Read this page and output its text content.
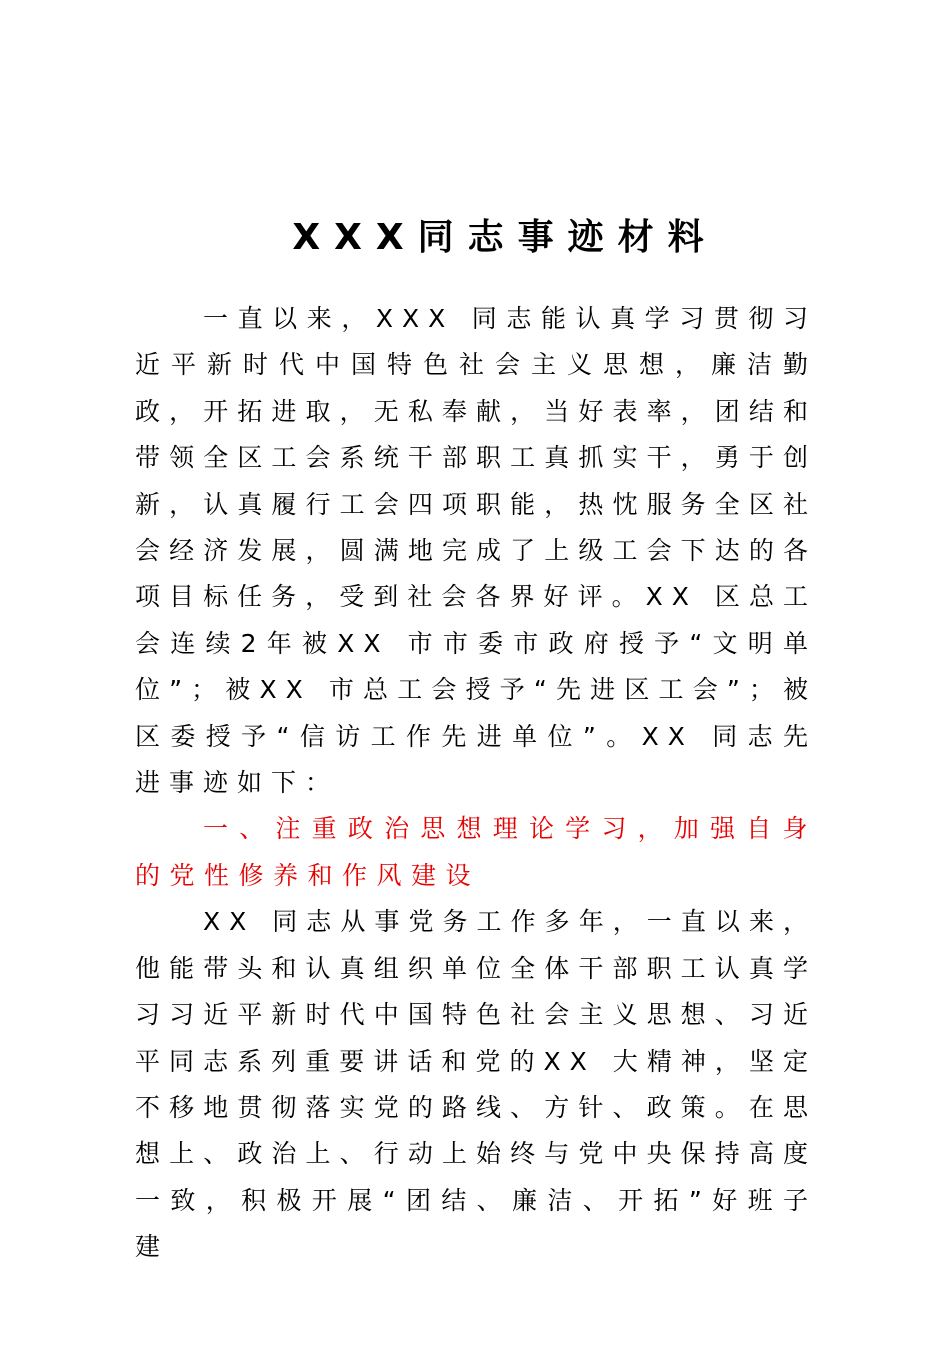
XXX同志事迹材料

一直以来，XXX 同志能认真学习贯彻习近平新时代中国特色社会主义思想，廉洁勤政，开拓进取，无私奉献，当好表率，团结和带领全区工会系统干部职工真抓实干，勇于创新，认真履行工会四项职能，热忱服务全区社会经济发展，圆满地完成了上级工会下达的各项目标任务，受到社会各界好评。XX 区总工会连续2年被XX 市市委市政府授予“文明单位”；被XX 市总工会授予“先进区工会”；被区委授予“信访工作先进单位”。XX 同志先进事迹如下：

一、注重政治思想理论学习，加强自身的党性修养和作风建设

XX 同志从事党务工作多年，一直以来，他能带头和认真组织单位全体干部职工认真学习习近平新时代中国特色社会主义思想、习近平同志系列重要讲话和党的XX 大精神，坚定不移地贯彻落实党的路线、方针、政策。在思想上、政治上、行动上始终与党中央保持高度一致，积极开展“团结、廉洁、开拓”好班子建
